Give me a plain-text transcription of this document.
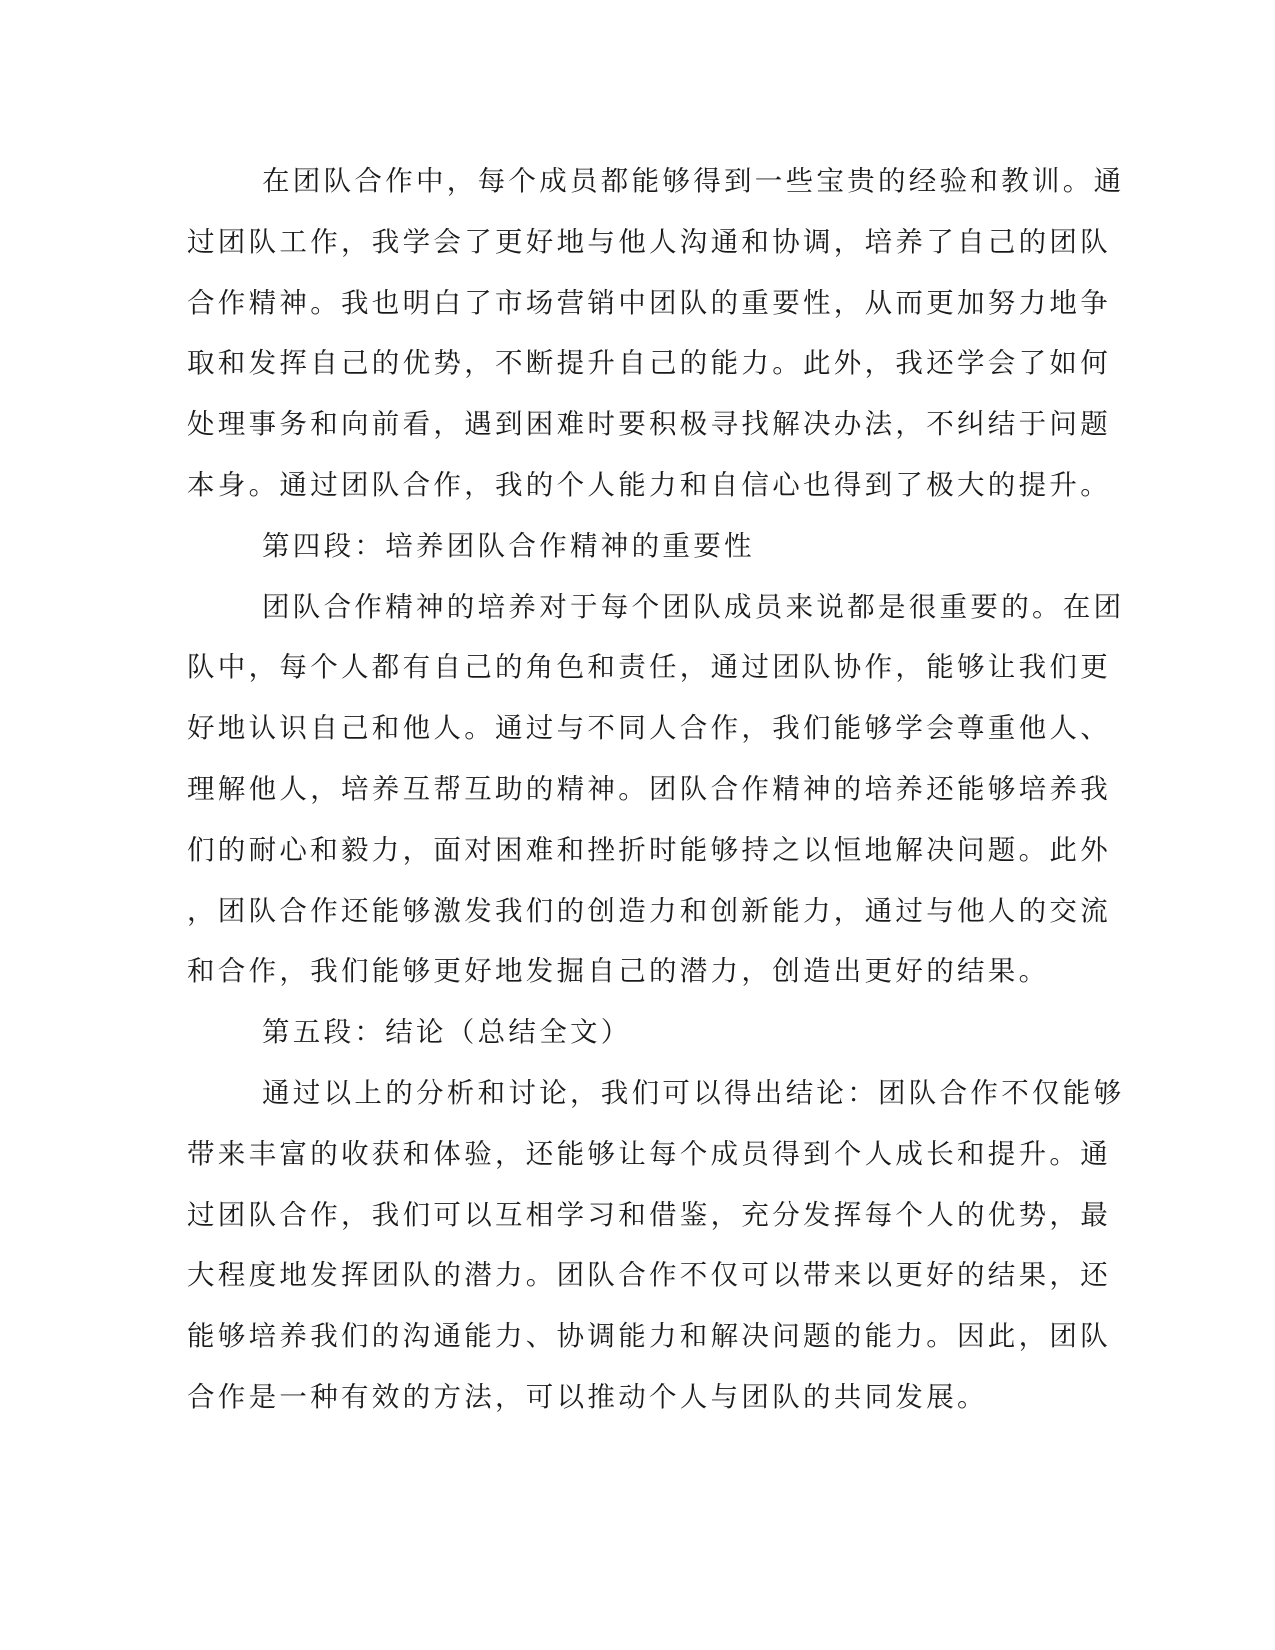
在团队合作中，每个成员都能够得到一些宝贵的经验和教训。通
过团队工作，我学会了更好地与他人沟通和协调，培养了自己的团队
合作精神。我也明白了市场营销中团队的重要性，从而更加努力地争
取和发挥自己的优势，不断提升自己的能力。此外，我还学会了如何
处理事务和向前看，遇到困难时要积极寻找解决办法，不纠结于问题
本身。通过团队合作，我的个人能力和自信心也得到了极大的提升。
第四段：培养团队合作精神的重要性
团队合作精神的培养对于每个团队成员来说都是很重要的。在团
队中，每个人都有自己的角色和责任，通过团队协作，能够让我们更
好地认识自己和他人。通过与不同人合作，我们能够学会尊重他人、
理解他人，培养互帮互助的精神。团队合作精神的培养还能够培养我
们的耐心和毅力，面对困难和挫折时能够持之以恒地解决问题。此外
，团队合作还能够激发我们的创造力和创新能力，通过与他人的交流
和合作，我们能够更好地发掘自己的潜力，创造出更好的结果。
第五段：结论（总结全文）
通过以上的分析和讨论，我们可以得出结论：团队合作不仅能够
带来丰富的收获和体验，还能够让每个成员得到个人成长和提升。通
过团队合作，我们可以互相学习和借鉴，充分发挥每个人的优势，最
大程度地发挥团队的潜力。团队合作不仅可以带来以更好的结果，还
能够培养我们的沟通能力、协调能力和解决问题的能力。因此，团队
合作是一种有效的方法，可以推动个人与团队的共同发展。
